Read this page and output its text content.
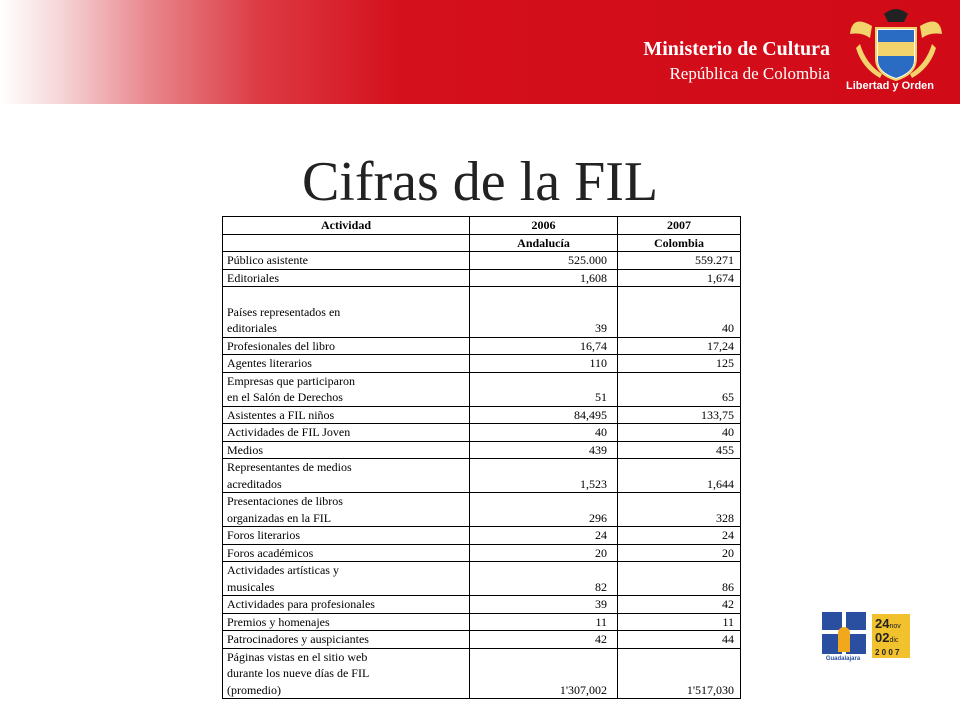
Ministerio de Cultura
República de Colombia
Libertad y Orden
Cifras de la FIL
Actividad	2006	2007
	Andalucía	Colombia

Público asistente	525.000	559.271

Editoriales	1,608	1,674

Países representados en
editoriales	39	40

Profesionales del libro	16,74	17,24

Agentes literarios	110	125

Empresas que participaron
en el Salón de Derechos	51	65

Asistentes a FIL niños	84,495	133,75

Actividades de FIL Joven	40	40

Medios	439	455

Representantes de medios
acreditados	1,523	1,644

Presentaciones de libros
organizadas en la FIL	296	328

Foros literarios	24	24

Foros académicos	20	20

Actividades artísticas y
musicales	82	86

Actividades para profesionales	39	42

Premios y homenajes	11	11

Patrocinadores y auspiciantes	42	44

Páginas vistas en el sitio web
durante los nueve días de FIL
(promedio)	1'307,002	1'517,030
Guadalajara
24nov
02dic
2 0 0 7
